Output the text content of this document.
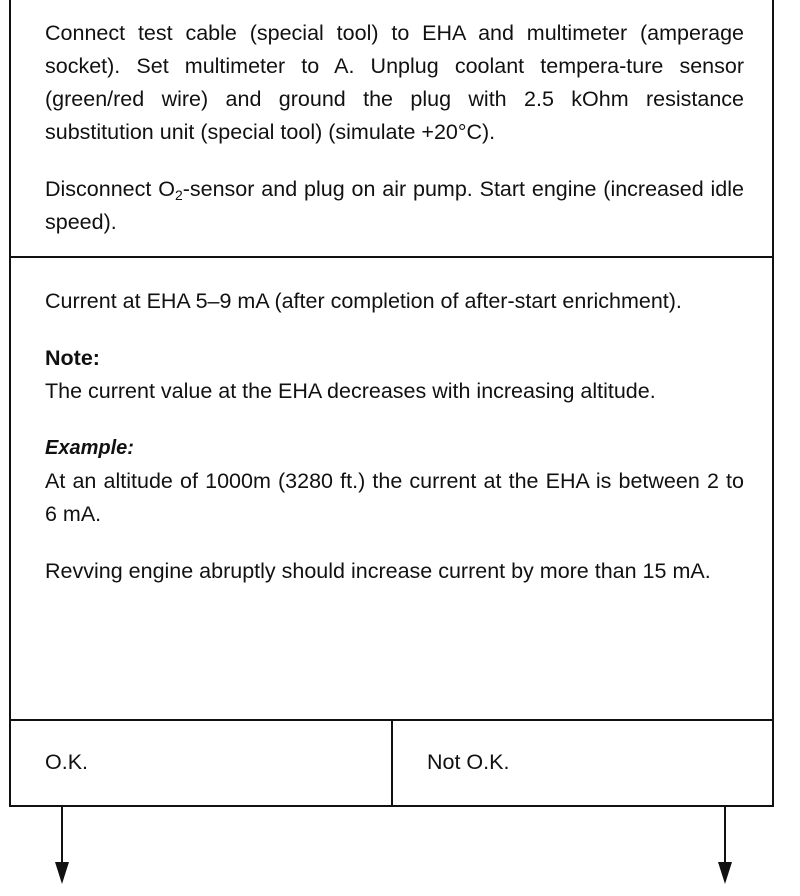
Connect test cable (special tool) to EHA and multimeter (amperage socket). Set multimeter to A. Unplug coolant tempera-ture sensor (green/red wire) and ground the plug with 2.5 kOhm resistance substitution unit (special tool) (simulate +20°C).

Disconnect $O_2$-sensor and plug on air pump. Start engine (increased idle speed).

Current at EHA 5–9 mA (after completion of after-start enrichment).

Note:

The current value at the EHA decreases with increasing altitude.

Example:

At an altitude of 1000m (3280 ft.) the current at the EHA is between 2 to 6 mA.

Revving engine abruptly should increase current by more than 15 mA.

O.K.	Not O.K.
